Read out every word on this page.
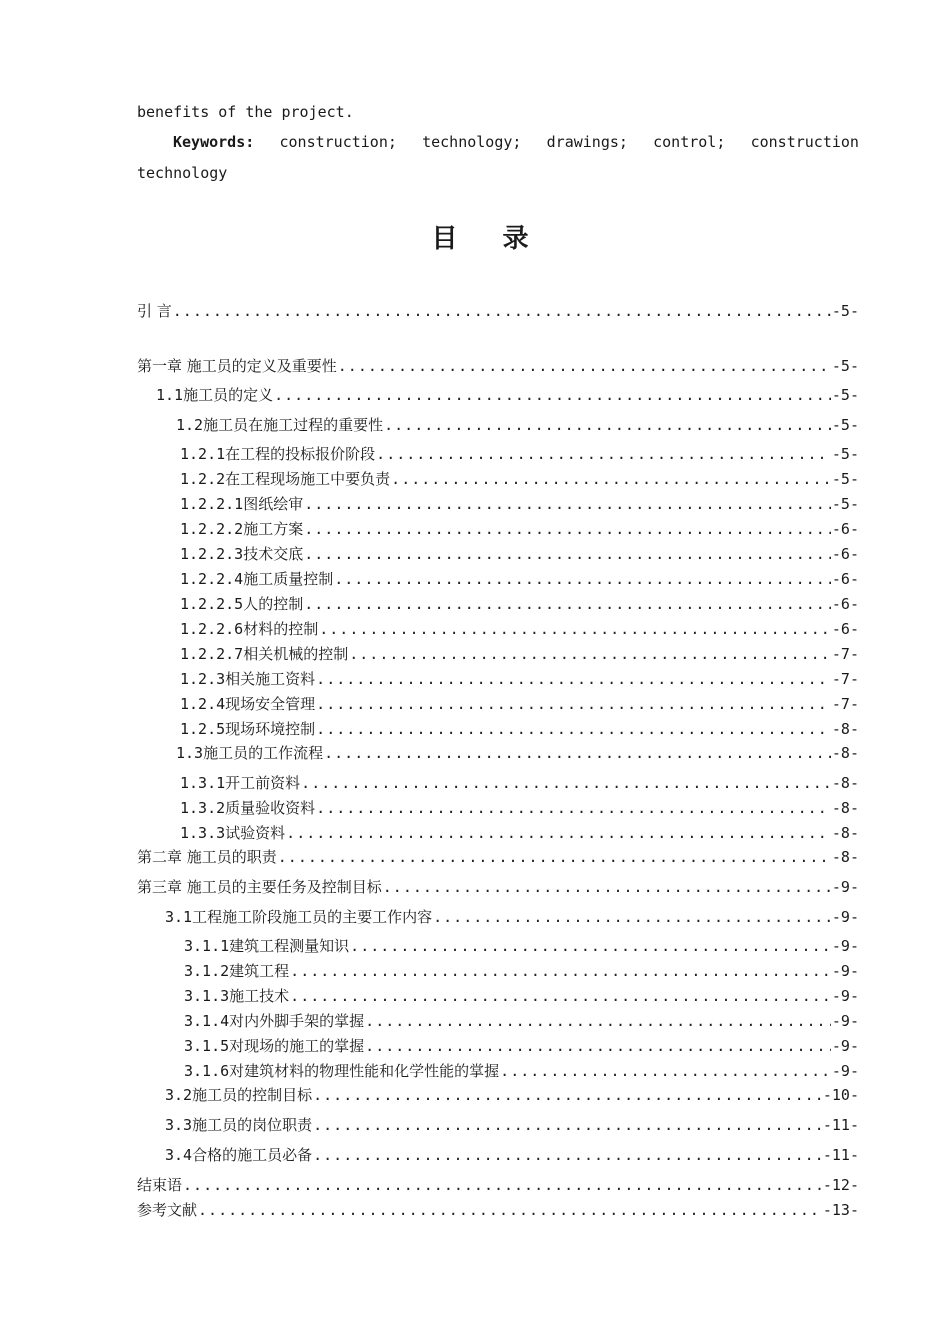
benefits of the project.
Keywords: construction; technology; drawings; control; construction
technology
目 录
引 言 .....	-5-
第一章 施工员的定义及重要性 .....	-5-
1.1施工员的定义 .....	-5-
1.2施工员在施工过程的重要性 .....	-5-
1.2.1在工程的投标报价阶段 .....	-5-
1.2.2在工程现场施工中要负责 .....	-5-
1.2.2.1图纸绘审 .....	-5-
1.2.2.2施工方案 .....	-6-
1.2.2.3技术交底 .....	-6-
1.2.2.4施工质量控制 .....	-6-
1.2.2.5人的控制 .....	-6-
1.2.2.6材料的控制 .....	-6-
1.2.2.7相关机械的控制 .....	-7-
1.2.3相关施工资料 .....	-7-
1.2.4现场安全管理 .....	-7-
1.2.5现场环境控制 .....	-8-
1.3施工员的工作流程 .....	-8-
1.3.1开工前资料 .....	-8-
1.3.2质量验收资料 .....	-8-
1.3.3试验资料 .....	-8-
第二章 施工员的职责 .....	-8-
第三章 施工员的主要任务及控制目标 .....	-9-
3.1工程施工阶段施工员的主要工作内容 .....	-9-
3.1.1建筑工程测量知识 .....	-9-
3.1.2建筑工程 .....	-9-
3.1.3施工技术 .....	-9-
3.1.4对内外脚手架的掌握 .....	-9-
3.1.5对现场的施工的掌握 .....	-9-
3.1.6对建筑材料的物理性能和化学性能的掌握 .....	-9-
3.2施工员的控制目标 .....	-10-
3.3施工员的岗位职责 .....	-11-
3.4合格的施工员必备 .....	-11-
结束语 .....	-12-
参考文献 .....	-13-
